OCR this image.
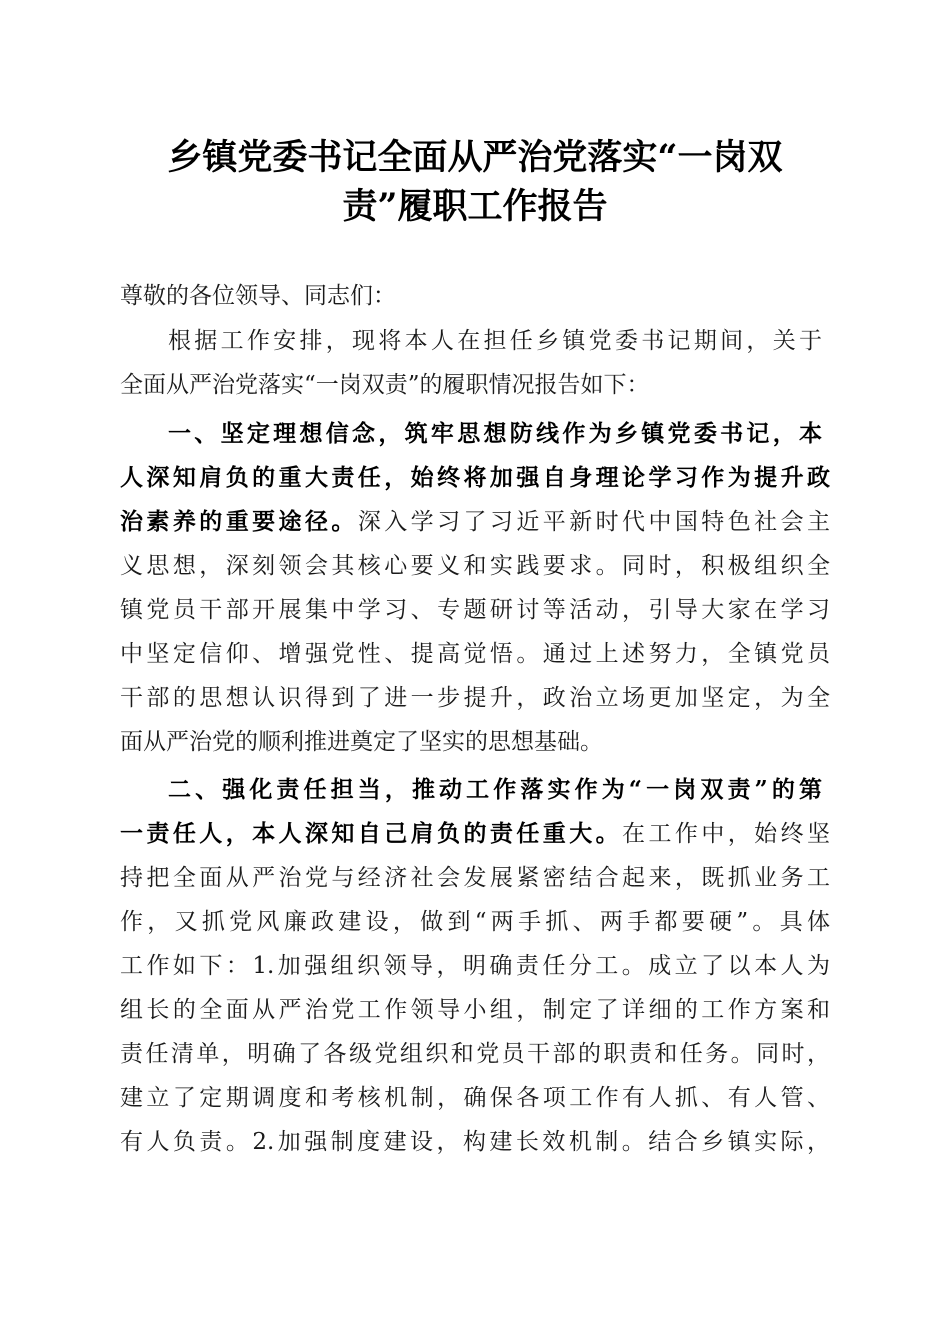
乡镇党委书记全面从严治党落实“一岗双
责”履职工作报告
尊敬的各位领导、同志们：
根据工作安排，现将本人在担任乡镇党委书记期间，关于
全面从严治党落实“一岗双责”的履职情况报告如下：
一、坚定理想信念，筑牢思想防线作为乡镇党委书记，本
人深知肩负的重大责任，始终将加强自身理论学习作为提升政
治素养的重要途径。深入学习了习近平新时代中国特色社会主
义思想，深刻领会其核心要义和实践要求。同时，积极组织全
镇党员干部开展集中学习、专题研讨等活动，引导大家在学习
中坚定信仰、增强党性、提高觉悟。通过上述努力，全镇党员
干部的思想认识得到了进一步提升，政治立场更加坚定，为全
面从严治党的顺利推进奠定了坚实的思想基础。
二、强化责任担当，推动工作落实作为“一岗双责”的第
一责任人，本人深知自己肩负的责任重大。在工作中，始终坚
持把全面从严治党与经济社会发展紧密结合起来，既抓业务工
作，又抓党风廉政建设，做到“两手抓、两手都要硬”。具体
工作如下：1.加强组织领导，明确责任分工。成立了以本人为
组长的全面从严治党工作领导小组，制定了详细的工作方案和
责任清单，明确了各级党组织和党员干部的职责和任务。同时，
建立了定期调度和考核机制，确保各项工作有人抓、有人管、
有人负责。2.加强制度建设，构建长效机制。结合乡镇实际，
